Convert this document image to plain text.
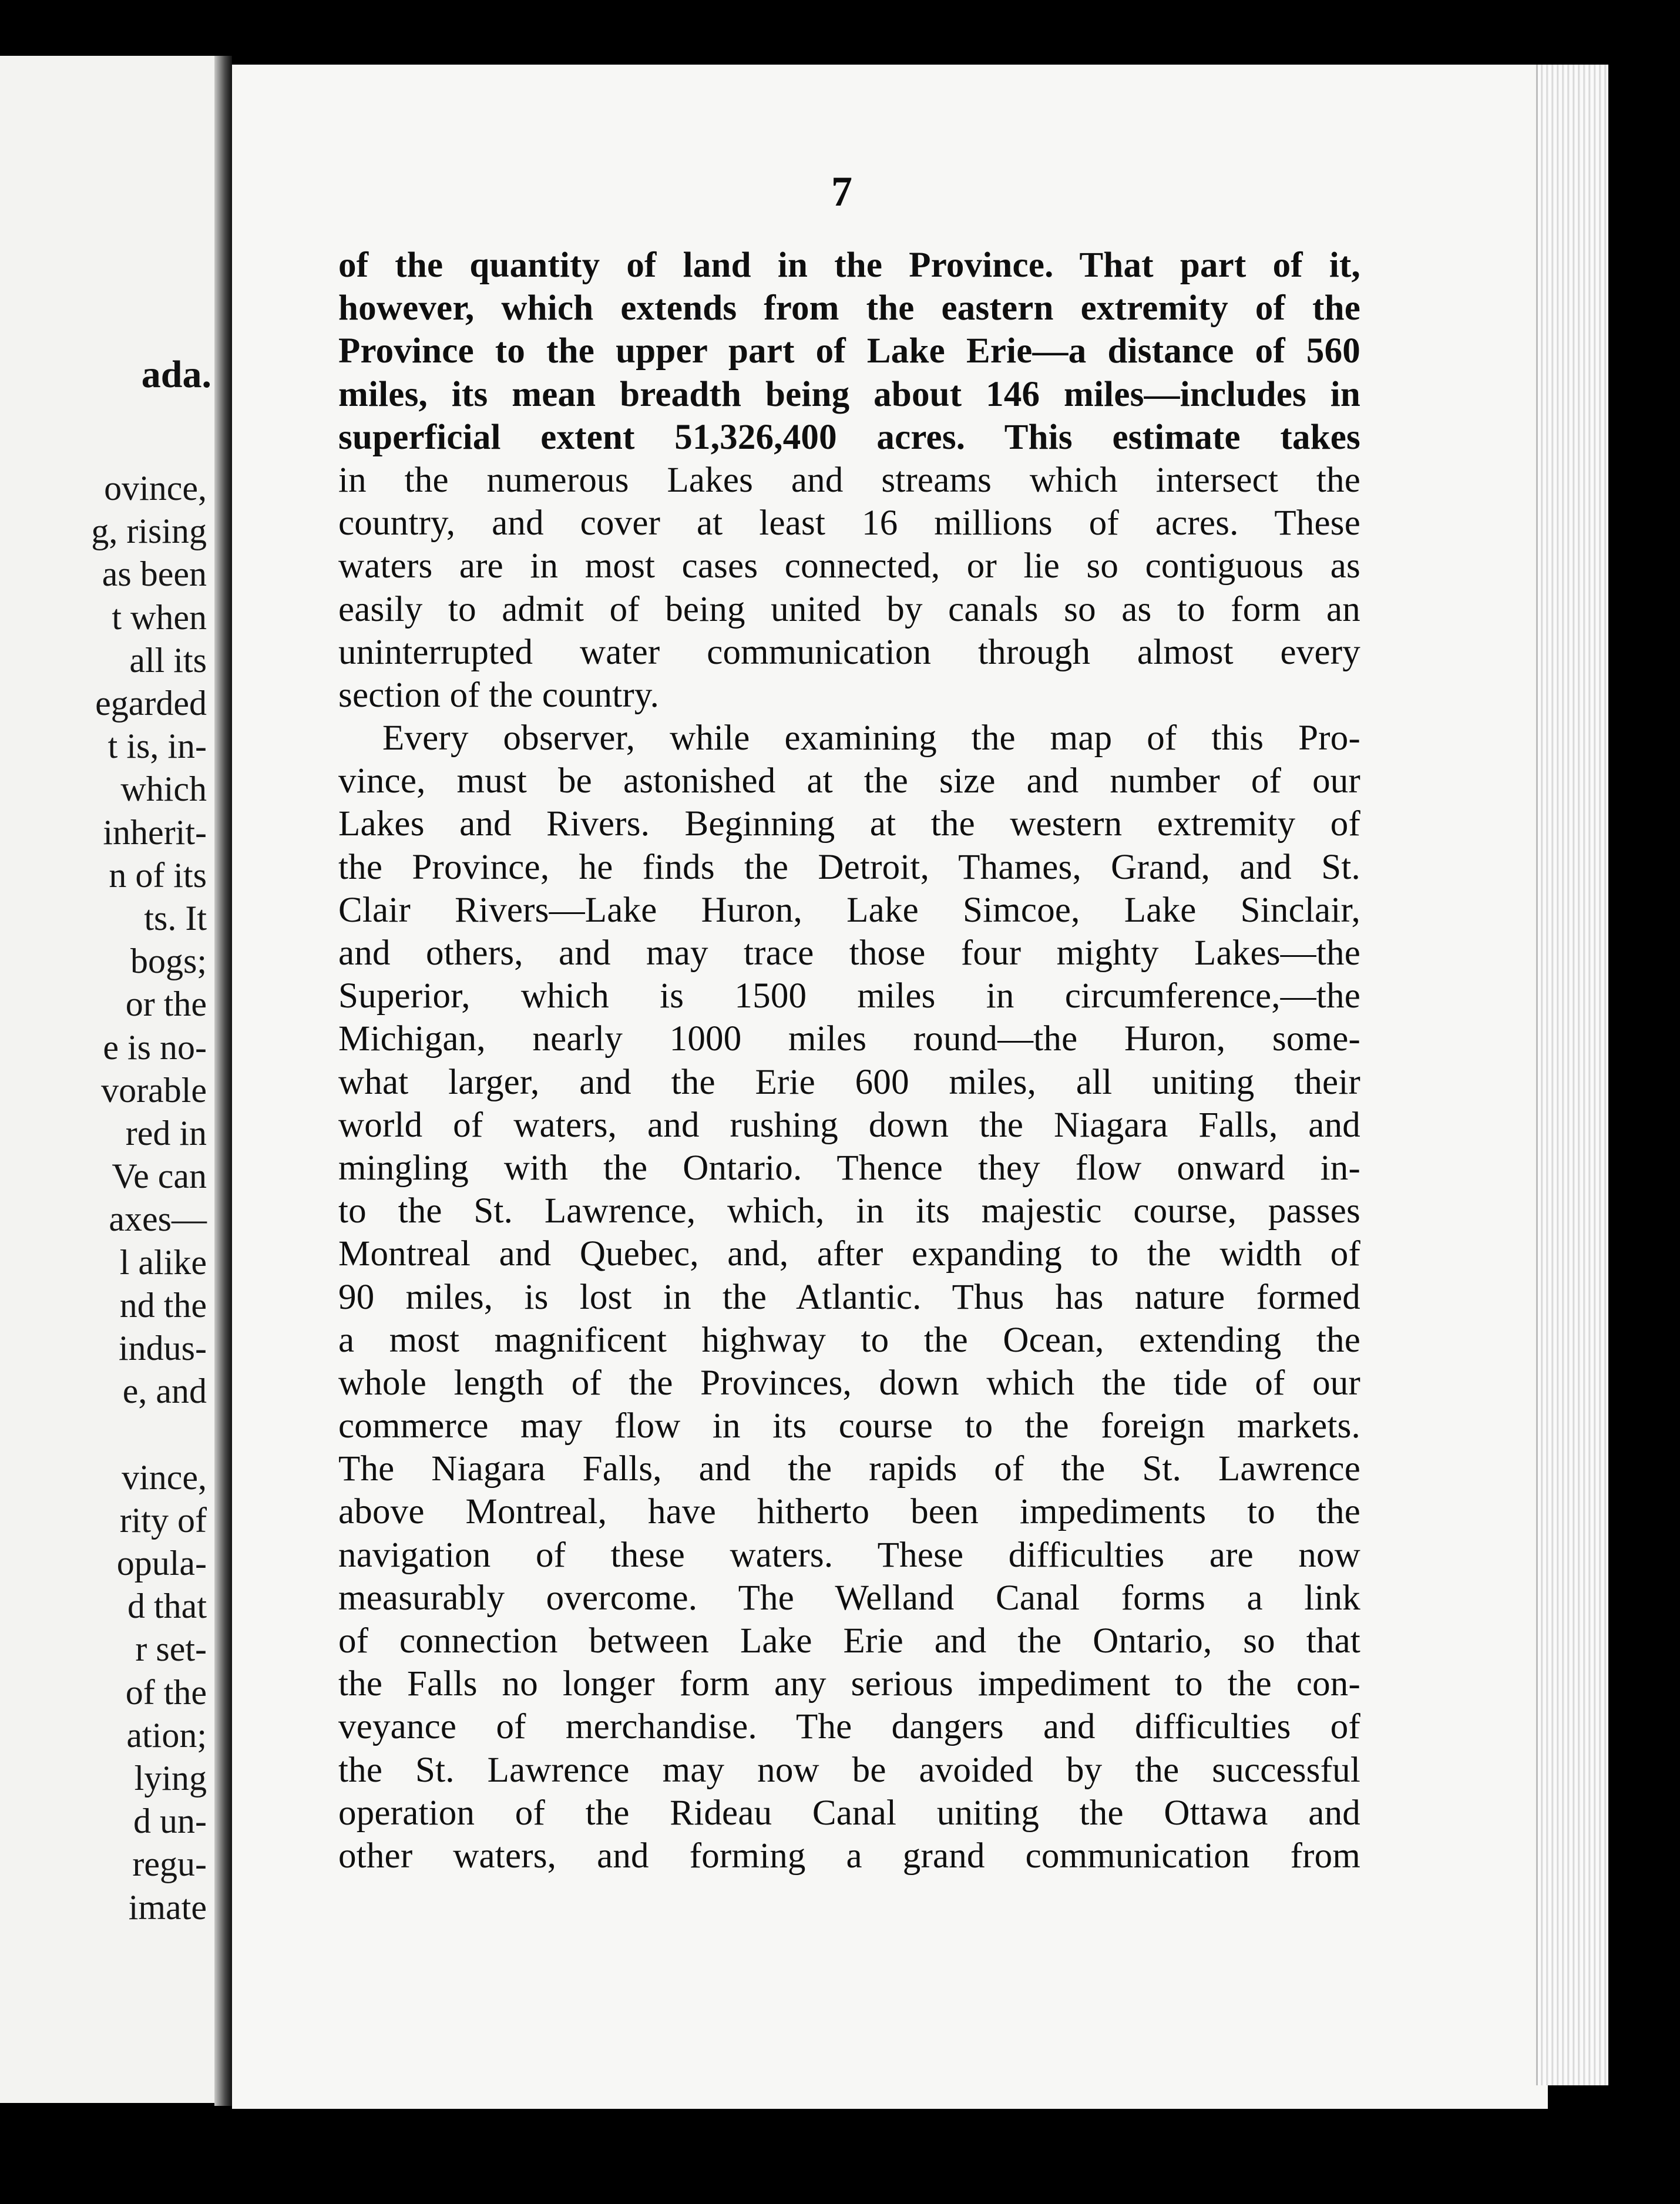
ada.
ovince,
g, rising
as been
t when
all its
egarded
t is, in-
which
inherit-
n of its
ts. It
bogs;
or the
e is no-
vorable
red in
Ve can
axes—
l alike
nd the
indus-
e, and
vince,
rity of
opula-
d that
r set-
of the
ation;
lying
d un-
regu-
imate
7
of the quantity of land in the Province. That part of it,
however, which extends from the eastern extremity of the
Province to the upper part of Lake Erie—a distance of 560
miles, its mean breadth being about 146 miles—includes in
superficial extent 51,326,400 acres. This estimate takes
in the numerous Lakes and streams which intersect the
country, and cover at least 16 millions of acres. These
waters are in most cases connected, or lie so contiguous as
easily to admit of being united by canals so as to form an
uninterrupted water communication through almost every
section of the country.
Every observer, while examining the map of this Pro-
vince, must be astonished at the size and number of our
Lakes and Rivers. Beginning at the western extremity of
the Province, he finds the Detroit, Thames, Grand, and St.
Clair Rivers—Lake Huron, Lake Simcoe, Lake Sinclair,
and others, and may trace those four mighty Lakes—the
Superior, which is 1500 miles in circumference,—the
Michigan, nearly 1000 miles round—the Huron, some-
what larger, and the Erie 600 miles, all uniting their
world of waters, and rushing down the Niagara Falls, and
mingling with the Ontario. Thence they flow onward in-
to the St. Lawrence, which, in its majestic course, passes
Montreal and Quebec, and, after expanding to the width of
90 miles, is lost in the Atlantic. Thus has nature formed
a most magnificent highway to the Ocean, extending the
whole length of the Provinces, down which the tide of our
commerce may flow in its course to the foreign markets.
The Niagara Falls, and the rapids of the St. Lawrence
above Montreal, have hitherto been impediments to the
navigation of these waters. These difficulties are now
measurably overcome. The Welland Canal forms a link
of connection between Lake Erie and the Ontario, so that
the Falls no longer form any serious impediment to the con-
veyance of merchandise. The dangers and difficulties of
the St. Lawrence may now be avoided by the successful
operation of the Rideau Canal uniting the Ottawa and
other waters, and forming a grand communication from
